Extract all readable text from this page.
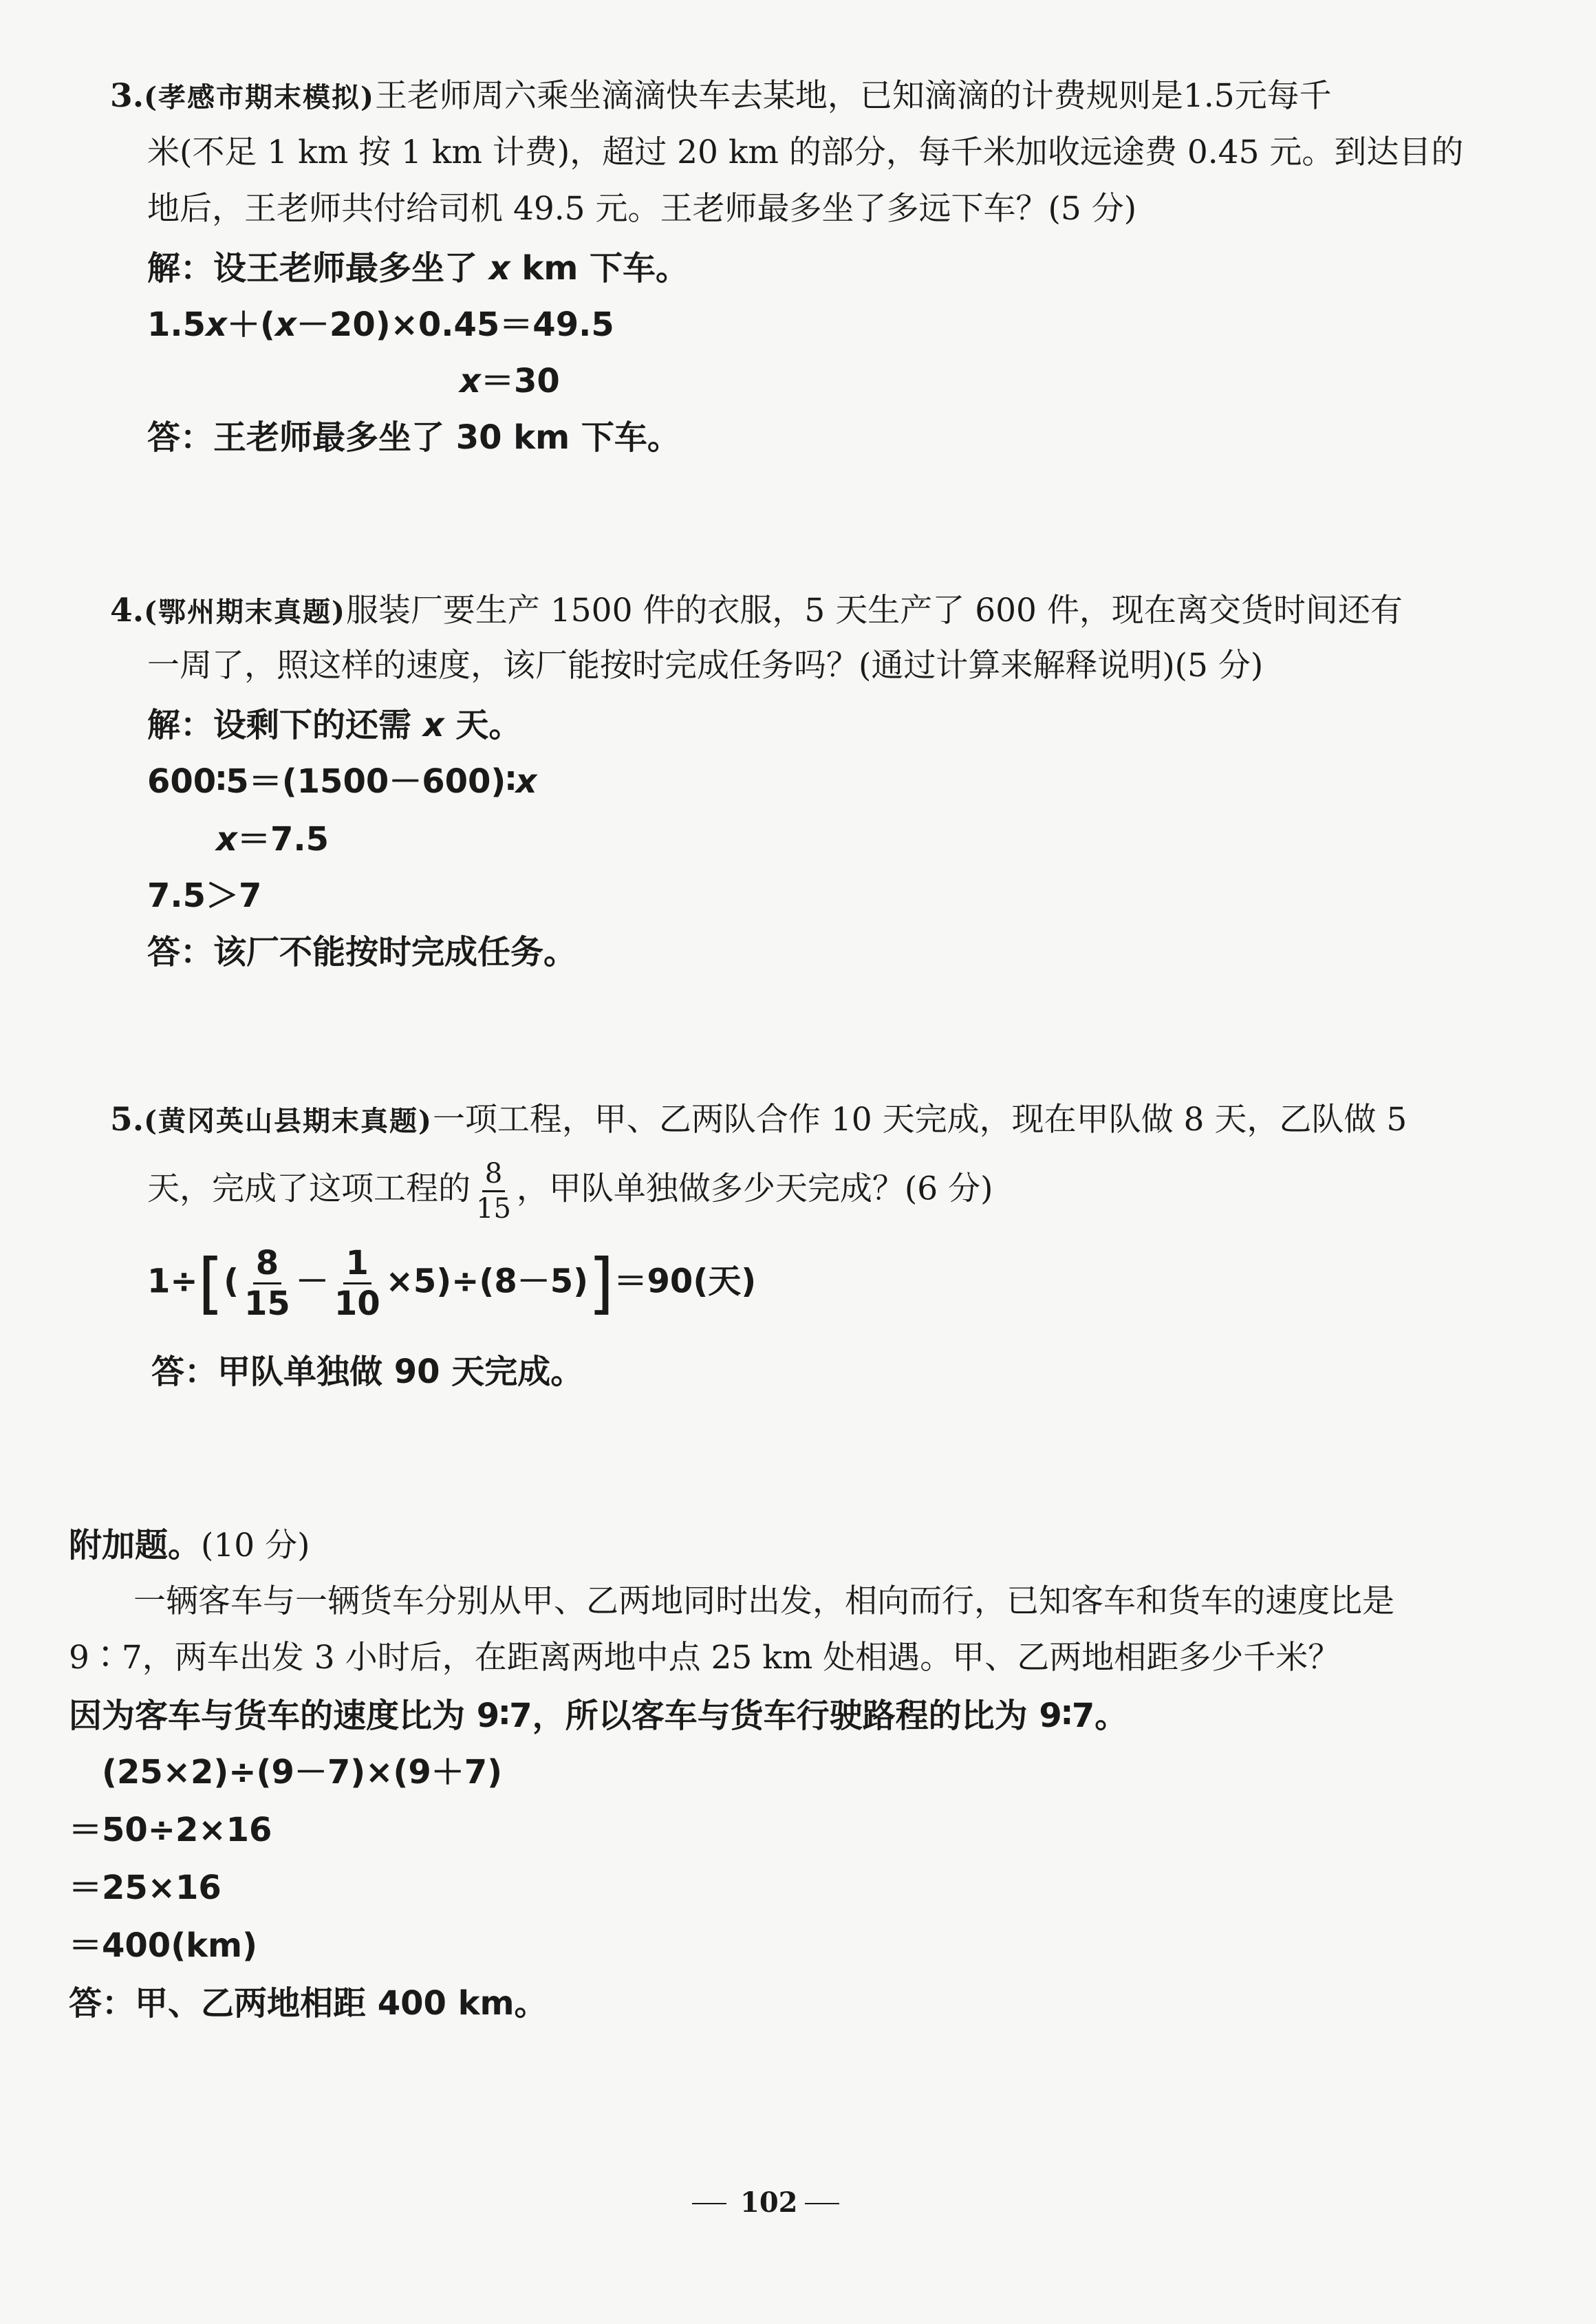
3.(孝感市期末模拟)王老师周六乘坐滴滴快车去某地，已知滴滴的计费规则是1.5元每千
米(不足 1 km 按 1 km 计费)，超过 20 km 的部分，每千米加收远途费 0.45 元。到达目的
地后，王老师共付给司机 49.5 元。王老师最多坐了多远下车？(5 分)
解：设王老师最多坐了 x km 下车。
1.5x＋(x－20)×0.45＝49.5
x＝30
答：王老师最多坐了 30 km 下车。
4.(鄂州期末真题)服装厂要生产 1500 件的衣服，5 天生产了 600 件，现在离交货时间还有
一周了，照这样的速度，该厂能按时完成任务吗？(通过计算来解释说明)(5 分)
解：设剩下的还需 x 天。
600∶5＝(1500－600)∶x
x＝7.5
7.5＞7
答：该厂不能按时完成任务。
5.(黄冈英山县期末真题)一项工程，甲、乙两队合作 10 天完成，现在甲队做 8 天，乙队做 5
天，完成了这项工程的 $\frac{8}{15}$ ，甲队单独做多少天完成？(6 分)
$1\div[( \frac{8}{15} - \frac{1}{10} \times 5)\div(8-5)]=90$(天)
答：甲队单独做 90 天完成。
附加题。(10 分)
一辆客车与一辆货车分别从甲、乙两地同时出发，相向而行，已知客车和货车的速度比是
9∶7，两车出发 3 小时后，在距离两地中点 25 km 处相遇。甲、乙两地相距多少千米？
因为客车与货车的速度比为 9∶7，所以客车与货车行驶路程的比为 9∶7。
(25×2)÷(9－7)×(9＋7)
＝50÷2×16
＝25×16
＝400(km)
答：甲、乙两地相距 400 km。
102
